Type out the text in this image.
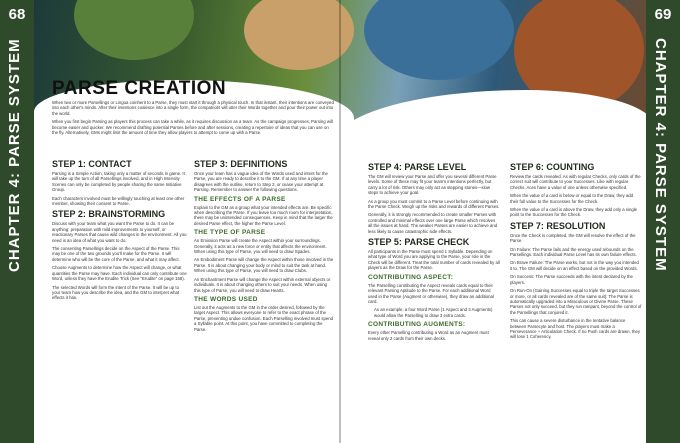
68
CHAPTER 4: PARSE SYSTEM
69
CHAPTER 4: PARSE SYSTEM
PARSE CREATION

When two or more Parsellings or Lingua coinherit to a Parse, they must start it through a physical touch. In that instant, their intentions are conveyed into each other's minds. After their intentions coalesce into a single form, the compatriots will utter their Words together and pour their power out into the world.

When you first begin Parsing as players this process can take a while, as it requires discussion as a team. As the campaign progresses, Parsing will become easier and quicker. We recommend drafting potential Parses before and after sessions, creating a repertoire of ideas that you can use on the fly. Alternatively, GMs might limit the amount of time they allow players to attempt to come up with a Parse.

STEP 1: CONTACT

Parsing is a Simple Action, taking only a matter of seconds in game. It will take up the turn of all Parsellings involved, and in High Intensity Scenes can only be completed by people sharing the same Initiative Group.

Each characters involved must be willingly touching at least one other member, showing their consent to Parse.

STEP 2: BRAINSTORMING

Discuss with your team what you want the Parse to do. It can be anything: preparation with mild improvements to yourself, or reactionary Parses that cause wild changes in the environment. All you need is an idea of what you want to do.

The consenting Parsellings decide on the Aspect of the Parse. This may be one of the two grounds you'll make for the Parse. It will determine who will be the core of the Parse, and what it may affect.

Choose Augments to determine how the Aspect will change, or what quantities the Parse may have. Each individual can only contribute one Word, unless they have the Erudite Trick (See "Erudite" on page 158).

The selected Words will form the intent of the Parse. It will be up to your team how you describe the idea, and the GM to interpret what effects it has.

STEP 3: DEFINITIONS

Once your team has a vague idea of the Words used and intent for the Parse, you are ready to describe it to the GM. If at any time a player disagrees with the outline, return to Step 2, or cease your attempt at Parsing. Remember to answer the following questions.

THE EFFECTS OF A PARSE

Explain to the GM as a group what your intended effects are. Be specific when describing the Parse. If you leave too much room for interpretation, there may be unintended consequences. Keep in mind that the larger the desired Parse effect, the higher the Parse Level.

THE TYPE OF PARSE

An Emission Parse will create the Aspect within your surroundings. Generally, it acts as a new force or entity that affects the environment. When using this type of Parse, you will need to draw Spades.

An Embodiment Parse will change the Aspect within those involved in the Parse. It is about changing your body or mind to suit the task at hand. When using this type of Parse, you will need to draw Clubs.

An Enchantment Parse will change the Aspect within external objects or individuals. It is about changing others to suit your needs. When using this type of Parse, you will need to draw Hearts.

THE WORDS USED

List out the Augments to the GM in the order desired, followed by the target Aspect. This allows everyone to refer to the exact phrase of the Parse, preventing undue confusion. Each Parselling involved must spend a Syllable point. At this point, you have committed to completing the Parse.

STEP 4: PARSE LEVEL

The GM will review your Parse and offer you several different Parse levels. Some of these may fit your team's intentions perfectly, but carry a lot of risk. Others may only act as stepping stones—slow steps to achieve your goal.

As a group you must commit to a Parse Level before continuing with the Parse Check. Weigh up the risks and rewards of different Parses.

Generally, it is strongly recommended to create smaller Parses with controlled and minimal effects over one large Parse which resolves all the issues at hand. The weaker Parses are easier to achieve and less likely to cause catastrophic side effects.

STEP 5: PARSE CHECK

All participants in the Parse must spend 1 Syllable. Depending on what type of Word you are applying to the Parse, your role in the Check will be different. Treat the total number of cards revealed by all players as the Draw for the Parse.

CONTRIBUTING ASPECT:

The Parselling contributing the Aspect reveals cards equal to their relevant Parsing Aptitude to the Parse. For each additional Word used in the Parse (Augment or otherwise), they draw an additional card.

As an example, a four Word Parse (1 Aspect and 3 Augments) would allow the Parselling to draw 3 extra cards.

CONTRIBUTING AUGMENTS:

Every other Parselling contributing a Word as an Augment must reveal only 2 cards from their own decks.

STEP 6: COUNTING

Review the cards revealed. As with regular Checks, only cards of the correct suit will contribute to your Successes. Like with regular Checks, Aces have a value of one unless otherwise specified.

When the value of a card is below or equal to the Draw, they add their full value to the Successes for the Check.

When the value of a card is above the Draw, they add only a single point to the Successes for the Check.

STEP 7: RESOLUTION

Once the Check is completed, the GM will resolve the effect of the Parse.

On Failure: The Parse fails and the energy used rebounds on the Parsellings. Each individual Parse Level has its own failure effects.

On Brave Failure: The Parse works, but not in the way you intended it to. The GM will decide on an effect based on the provided Words.

On Success: The Parse succeeds with the intent declared by the players.

On Run-On (Gaining Successes equal to triple the target Successes or more, or all cards revealed are of the same suit): The Parse is automatically upgraded into a Miraculous or Divine Parse. These Parses not only succeed, but they run rampant, beyond the control of the Parsellings that conjured it.

This can cause a severe disturbance in the tentative balance between Parsecyte and host. The players must make a Perseverance + Articulation Check. If no Push cards are drawn, they will lose 1 Coherency.
